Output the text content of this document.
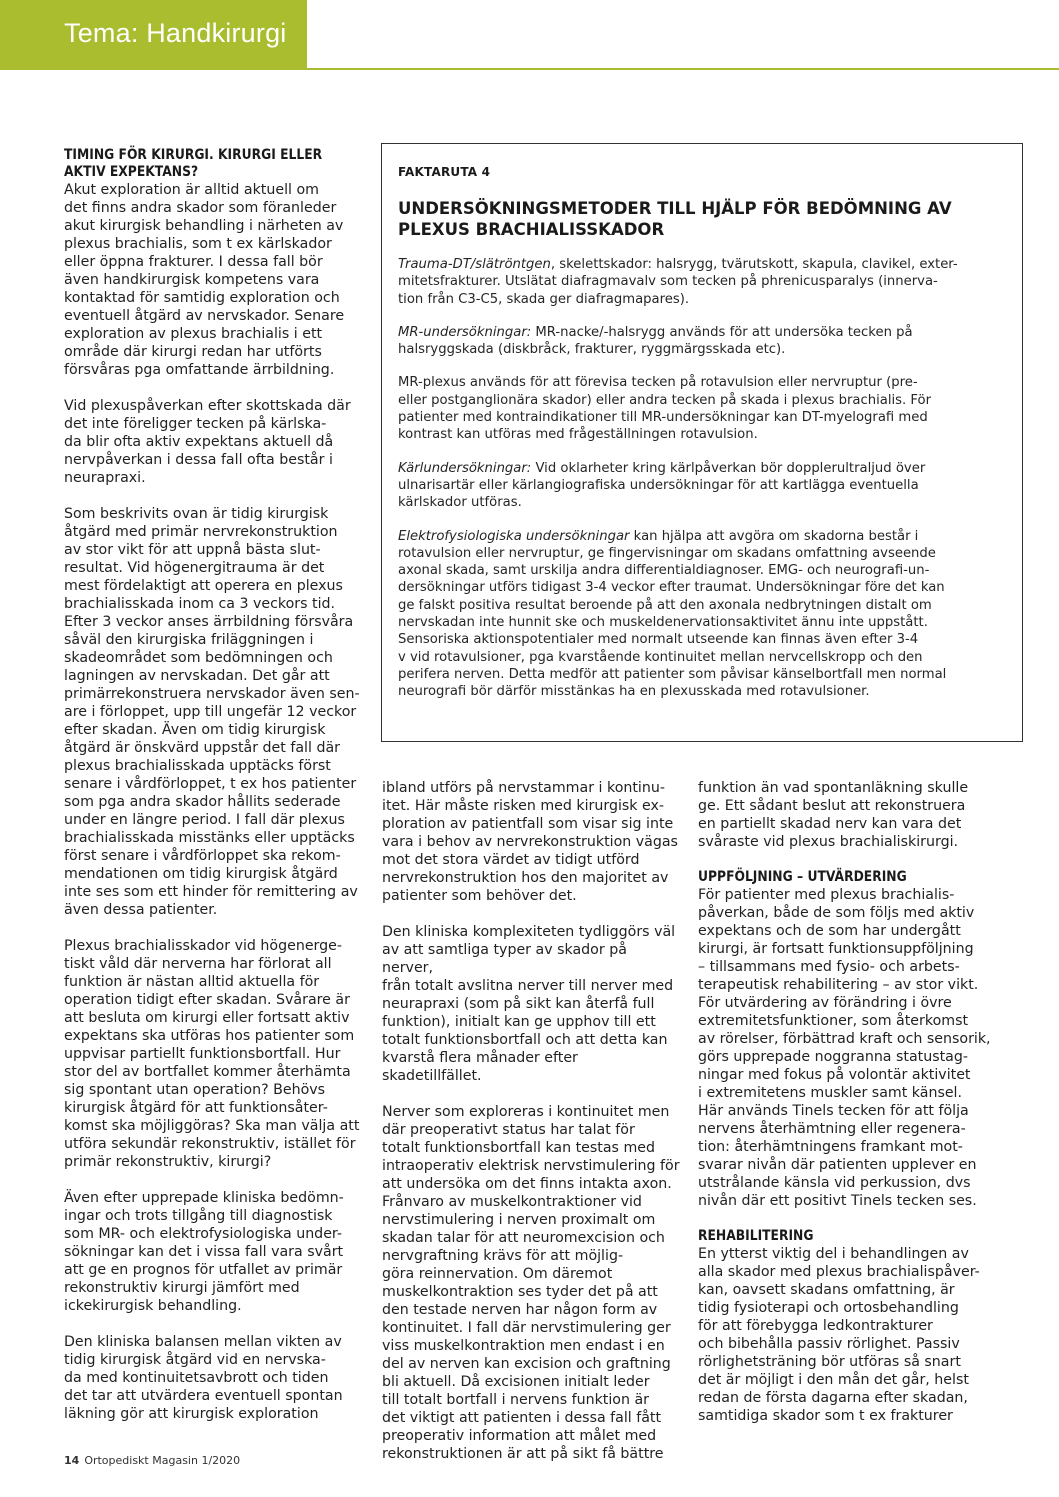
Tema: Handkirurgi
TIMING FÖR KIRURGI. KIRURGI ELLER
AKTIV EXPEKTANS?
Akut exploration är alltid aktuell om
det finns andra skador som föranleder
akut kirurgisk behandling i närheten av
plexus brachialis, som t ex kärlskador
eller öppna frakturer. I dessa fall bör
även handkirurgisk kompetens vara
kontaktad för samtidig exploration och
eventuell åtgärd av nervskador. Senare
exploration av plexus brachialis i ett
område där kirurgi redan har utförts
försvåras pga omfattande ärrbildning.
Vid plexuspåverkan efter skottskada där
det inte föreligger tecken på kärlska-
da blir ofta aktiv expektans aktuell då
nervpåverkan i dessa fall ofta består i
neurapraxi.
Som beskrivits ovan är tidig kirurgisk
åtgärd med primär nervrekonstruktion
av stor vikt för att uppnå bästa slut-
resultat. Vid högenergitrauma är det
mest fördelaktigt att operera en plexus
brachialisskada inom ca 3 veckors tid.
Efter 3 veckor anses ärrbildning försvåra
såväl den kirurgiska friläggningen i
skadeområdet som bedömningen och
lagningen av nervskadan. Det går att
primärrekonstruera nervskador även sen-
are i förloppet, upp till ungefär 12 veckor
efter skadan. Även om tidig kirurgisk
åtgärd är önskvärd uppstår det fall där
plexus brachialisskada upptäcks först
senare i vårdförloppet, t ex hos patienter
som pga andra skador hållits sederade
under en längre period. I fall där plexus
brachialisskada misstänks eller upptäcks
först senare i vårdförloppet ska rekom-
mendationen om tidig kirurgisk åtgärd
inte ses som ett hinder för remittering av
även dessa patienter.
Plexus brachialisskador vid högenerge-
tiskt våld där nerverna har förlorat all
funktion är nästan alltid aktuella för
operation tidigt efter skadan. Svårare är
att besluta om kirurgi eller fortsatt aktiv
expektans ska utföras hos patienter som
uppvisar partiellt funktionsbortfall. Hur
stor del av bortfallet kommer återhämta
sig spontant utan operation? Behövs
kirurgisk åtgärd för att funktionsåter-
komst ska möjliggöras? Ska man välja att
utföra sekundär rekonstruktiv, istället för
primär rekonstruktiv, kirurgi?
Även efter upprepade kliniska bedömn-
ingar och trots tillgång till diagnostisk
som MR- och elektrofysiologiska under-
sökningar kan det i vissa fall vara svårt
att ge en prognos för utfallet av primär
rekonstruktiv kirurgi jämfört med
ickekirurgisk behandling.
Den kliniska balansen mellan vikten av
tidig kirurgisk åtgärd vid en nervska-
da med kontinuitetsavbrott och tiden
det tar att utvärdera eventuell spontan
läkning gör att kirurgisk exploration
FAKTARUTA 4
UNDERSÖKNINGSMETODER TILL HJÄLP FÖR BEDÖMNING AV
PLEXUS BRACHIALISSKADOR
Trauma-DT/slätröntgen, skelettskador: halsrygg, tvärutskott, skapula, clavikel, exter-
mitetsfrakturer. Utslätat diafragmavalv som tecken på phrenicusparalys (innerva-
tion från C3-C5, skada ger diafragmapares).
MR-undersökningar: MR-nacke/-halsrygg används för att undersöka tecken på
halsryggskada (diskbråck, frakturer, ryggmärgsskada etc).
MR-plexus används för att förevisa tecken på rotavulsion eller nervruptur (pre-
eller postganglionära skador) eller andra tecken på skada i plexus brachialis. För
patienter med kontraindikationer till MR-undersökningar kan DT-myelografi med
kontrast kan utföras med frågeställningen rotavulsion.
Kärlundersökningar: Vid oklarheter kring kärlpåverkan bör dopplerultraljud över
ulnarisartär eller kärlangiografiska undersökningar för att kartlägga eventuella
kärlskador utföras.
Elektrofysiologiska undersökningar kan hjälpa att avgöra om skadorna består i
rotavulsion eller nervruptur, ge fingervisningar om skadans omfattning avseende
axonal skada, samt urskilja andra differentialdiagnoser. EMG- och neurografi-un-
dersökningar utförs tidigast 3-4 veckor efter traumat. Undersökningar före det kan
ge falskt positiva resultat beroende på att den axonala nedbrytningen distalt om
nervskadan inte hunnit ske och muskeldenervationsaktivitet ännu inte uppstått.
Sensoriska aktionspotentialer med normalt utseende kan finnas även efter 3-4
v vid rotavulsioner, pga kvarstående kontinuitet mellan nervcellskropp och den
perifera nerven. Detta medför att patienter som påvisar känselbortfall men normal
neurografi bör därför misstänkas ha en plexusskada med rotavulsioner.
ibland utförs på nervstammar i kontinu-
itet. Här måste risken med kirurgisk ex-
ploration av patientfall som visar sig inte
vara i behov av nervrekonstruktion vägas
mot det stora värdet av tidigt utförd
nervrekonstruktion hos den majoritet av
patienter som behöver det.
Den kliniska komplexiteten tydliggörs väl
av att samtliga typer av skador på nerver,
från totalt avslitna nerver till nerver med
neurapraxi (som på sikt kan återfå full
funktion), initialt kan ge upphov till ett
totalt funktionsbortfall och att detta kan
kvarstå flera månader efter skadetillfället.
Nerver som exploreras i kontinuitet men
där preoperativt status har talat för
totalt funktionsbortfall kan testas med
intraoperativ elektrisk nervstimulering för
att undersöka om det finns intakta axon.
Frånvaro av muskelkontraktioner vid
nervstimulering i nerven proximalt om
skadan talar för att neuromexcision och
nervgraftning krävs för att möjlig-
göra reinnervation. Om däremot
muskelkontraktion ses tyder det på att
den testade nerven har någon form av
kontinuitet. I fall där nervstimulering ger
viss muskelkontraktion men endast i en
del av nerven kan excision och graftning
bli aktuell. Då excisionen initialt leder
till totalt bortfall i nervens funktion är
det viktigt att patienten i dessa fall fått
preoperativ information att målet med
rekonstruktionen är att på sikt få bättre
funktion än vad spontanläkning skulle
ge. Ett sådant beslut att rekonstruera
en partiellt skadad nerv kan vara det
svåraste vid plexus brachialiskirurgi.
UPPFÖLJNING – UTVÄRDERING
För patienter med plexus brachialis-
påverkan, både de som följs med aktiv
expektans och de som har undergått
kirurgi, är fortsatt funktionsuppföljning
– tillsammans med fysio- och arbets-
terapeutisk rehabilitering – av stor vikt.
För utvärdering av förändring i övre
extremitetsfunktioner, som återkomst
av rörelser, förbättrad kraft och sensorik,
görs upprepade noggranna statustag-
ningar med fokus på volontär aktivitet
i extremitetens muskler samt känsel.
Här används Tinels tecken för att följa
nervens återhämtning eller regenera-
tion: återhämtningens framkant mot-
svarar nivån där patienten upplever en
utstrålande känsla vid perkussion, dvs
nivån där ett positivt Tinels tecken ses.
REHABILITERING
En ytterst viktig del i behandlingen av
alla skador med plexus brachialispåver-
kan, oavsett skadans omfattning, är
tidig fysioterapi och ortosbehandling
för att förebygga ledkontrakturer
och bibehålla passiv rörlighet. Passiv
rörlighetsträning bör utföras så snart
det är möjligt i den mån det går, helst
redan de första dagarna efter skadan,
samtidiga skador som t ex frakturer
14 Ortopediskt Magasin 1/2020
